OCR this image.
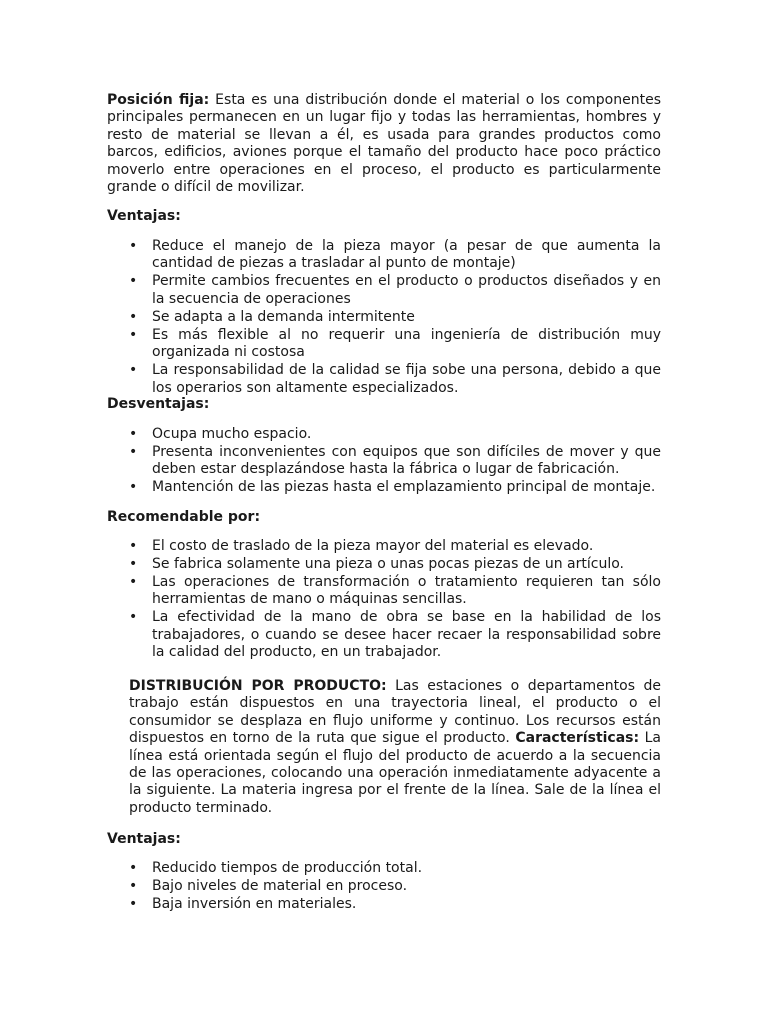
Posición fija: Esta es una distribución donde el material o los componentes principales permanecen en un lugar fijo y todas las herramientas, hombres y resto de material se llevan a él, es usada para grandes productos como barcos, edificios, aviones porque el tamaño del producto hace poco práctico moverlo entre operaciones en el proceso, el producto es particularmente grande o difícil de movilizar.

Ventajas:

• Reduce el manejo de la pieza mayor (a pesar de que aumenta la cantidad de piezas a trasladar al punto de montaje)
• Permite cambios frecuentes en el producto o productos diseñados y en la secuencia de operaciones
• Se adapta a la demanda intermitente
• Es más flexible al no requerir una ingeniería de distribución muy organizada ni costosa
• La responsabilidad de la calidad se fija sobe una persona, debido a que los operarios son altamente especializados.

Desventajas:

• Ocupa mucho espacio.
• Presenta inconvenientes con equipos que son difíciles de mover y que deben estar desplazándose hasta la fábrica o lugar de fabricación.
• Mantención de las piezas hasta el emplazamiento principal de montaje.

Recomendable por:

• El costo de traslado de la pieza mayor del material es elevado.
• Se fabrica solamente una pieza o unas pocas piezas de un artículo.
• Las operaciones de transformación o tratamiento requieren tan sólo herramientas de mano o máquinas sencillas.
• La efectividad de la mano de obra se base en la habilidad de los trabajadores, o cuando se desee hacer recaer la responsabilidad sobre la calidad del producto, en un trabajador.

DISTRIBUCIÓN POR PRODUCTO: Las estaciones o departamentos de trabajo están dispuestos en una trayectoria lineal, el producto o el consumidor se desplaza en flujo uniforme y continuo. Los recursos están dispuestos en torno de la ruta que sigue el producto. Características: La línea está orientada según el flujo del producto de acuerdo a la secuencia de las operaciones, colocando una operación inmediatamente adyacente a la siguiente. La materia ingresa por el frente de la línea. Sale de la línea el producto terminado.

Ventajas:

• Reducido tiempos de producción total.
• Bajo niveles de material en proceso.
• Baja inversión en materiales.
